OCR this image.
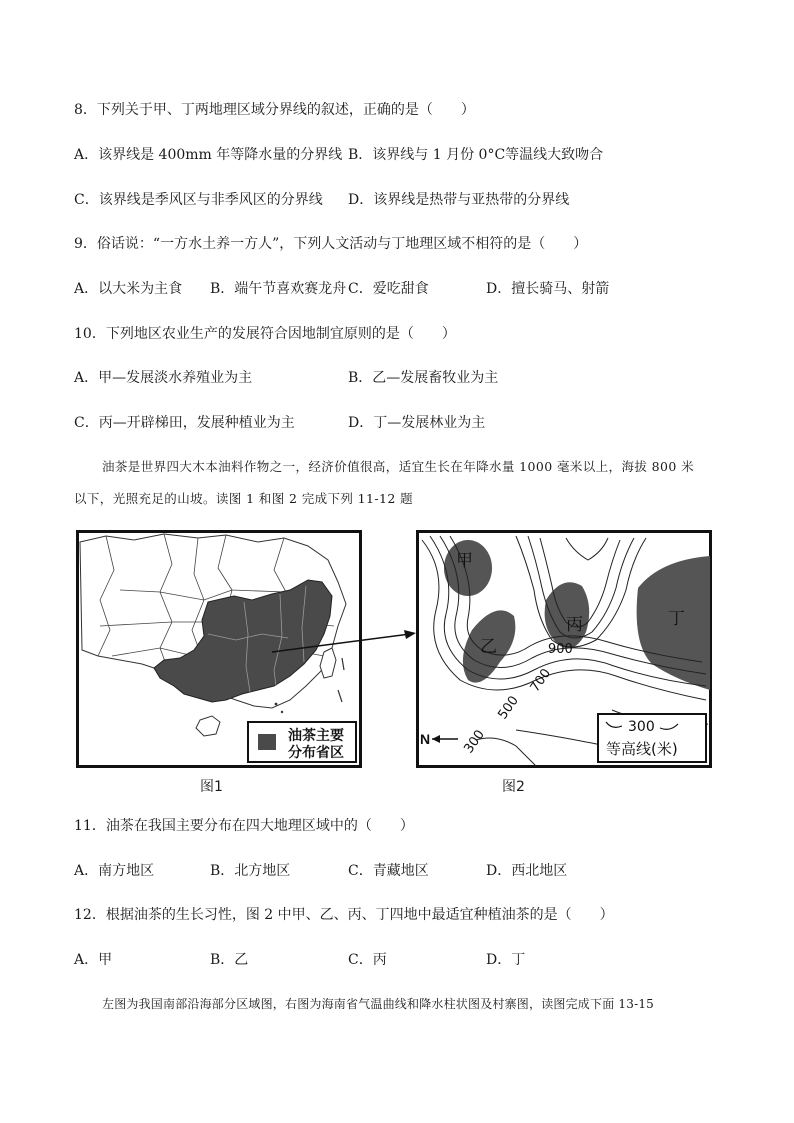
8．下列关于甲、丁两地理区域分界线的叙述，正确的是（　　）
A．该界线是 400mm 年等降水量的分界线 B．该界线与 1 月份 0°C等温线大致吻合
C．该界线是季风区与非季风区的分界线 D．该界线是热带与亚热带的分界线
9．俗话说：“一方水土养一方人”，下列人文活动与丁地理区域不相符的是（　　）
A．以大米为主食 B．端午节喜欢赛龙舟 C．爱吃甜食	D．擅长骑马、射箭
10．下列地区农业生产的发展符合因地制宜原则的是（　　）
A．甲—发展淡水养殖业为主	B．乙—发展畜牧业为主
C．丙—开辟梯田，发展种植业为主	D．丁—发展林业为主
油茶是世界四大木本油料作物之一，经济价值很高，适宜生长在年降水量 1000 毫米以上，海拔 800 米
以下，光照充足的山坡。读图 1 和图 2 完成下列 11-12 题
油茶主要
分布省区
900
700
500
300
甲
乙
丙	丁
N
300
等高线(米)
图1	图2
11．油茶在我国主要分布在四大地理区域中的（　　）
A．南方地区	B．北方地区	C．青藏地区	D．西北地区
12．根据油茶的生长习性，图 2 中甲、乙、丙、丁四地中最适宜种植油茶的是（　　）
A．甲	B．乙	C．丙	D．丁
左图为我国南部沿海部分区域图，右图为海南省气温曲线和降水柱状图及村寨图，读图完成下面 13-15
